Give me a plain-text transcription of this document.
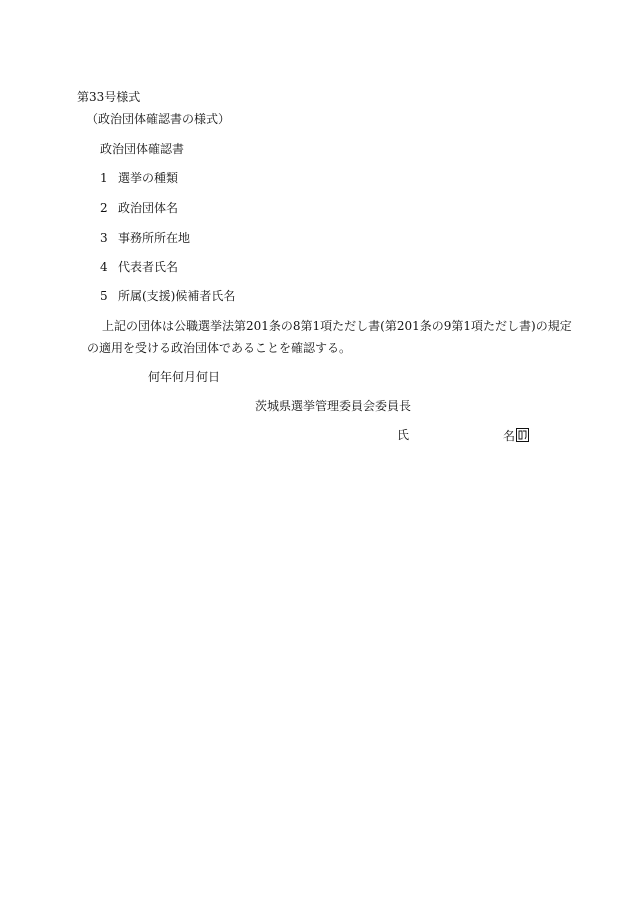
第33号様式
（政治団体確認書の様式）
政治団体確認書
1 選挙の種類
2 政治団体名
3 事務所所在地
4 代表者氏名
5 所属(支援)候補者氏名
上記の団体は公職選挙法第201条の8第1項ただし書(第201条の9第1項ただし書)の規定
の適用を受ける政治団体であることを確認する。
何年何月何日
茨城県選挙管理委員会委員長
氏	名
